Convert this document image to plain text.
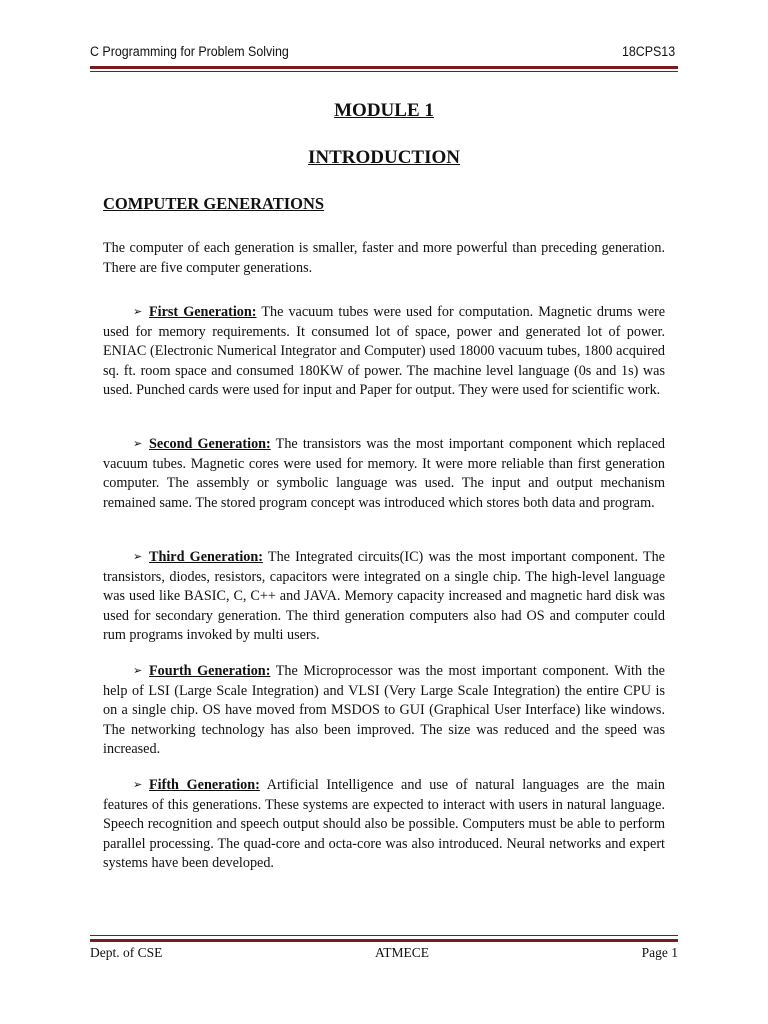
C Programming for Problem Solving	18CPS13
MODULE 1
INTRODUCTION
COMPUTER GENERATIONS

The computer of each generation is smaller, faster and more powerful than preceding generation. There are five computer generations.

➢ First Generation: The vacuum tubes were used for computation. Magnetic drums were used for memory requirements. It consumed lot of space, power and generated lot of power. ENIAC (Electronic Numerical Integrator and Computer) used 18000 vacuum tubes, 1800 acquired sq. ft. room space and consumed 180KW of power. The machine level language (0s and 1s) was used. Punched cards were used for input and Paper for output. They were used for scientific work.

➢ Second Generation: The transistors was the most important component which replaced vacuum tubes. Magnetic cores were used for memory. It were more reliable than first generation computer. The assembly or symbolic language was used. The input and output mechanism remained same. The stored program concept was introduced which stores both data and program.

➢ Third Generation: The Integrated circuits(IC) was the most important component. The transistors, diodes, resistors, capacitors were integrated on a single chip. The high-level language was used like BASIC, C, C++ and JAVA. Memory capacity increased and magnetic hard disk was used for secondary generation. The third generation computers also had OS and computer could rum programs invoked by multi users.

➢ Fourth Generation: The Microprocessor was the most important component. With the help of LSI (Large Scale Integration) and VLSI (Very Large Scale Integration) the entire CPU is on a single chip. OS have moved from MSDOS to GUI (Graphical User Interface) like windows. The networking technology has also been improved. The size was reduced and the speed was increased.

➢ Fifth Generation: Artificial Intelligence and use of natural languages are the main features of this generations. These systems are expected to interact with users in natural language. Speech recognition and speech output should also be possible. Computers must be able to perform parallel processing. The quad-core and octa-core was also introduced. Neural networks and expert systems have been developed.

Dept. of CSE	ATMECE	Page 1
